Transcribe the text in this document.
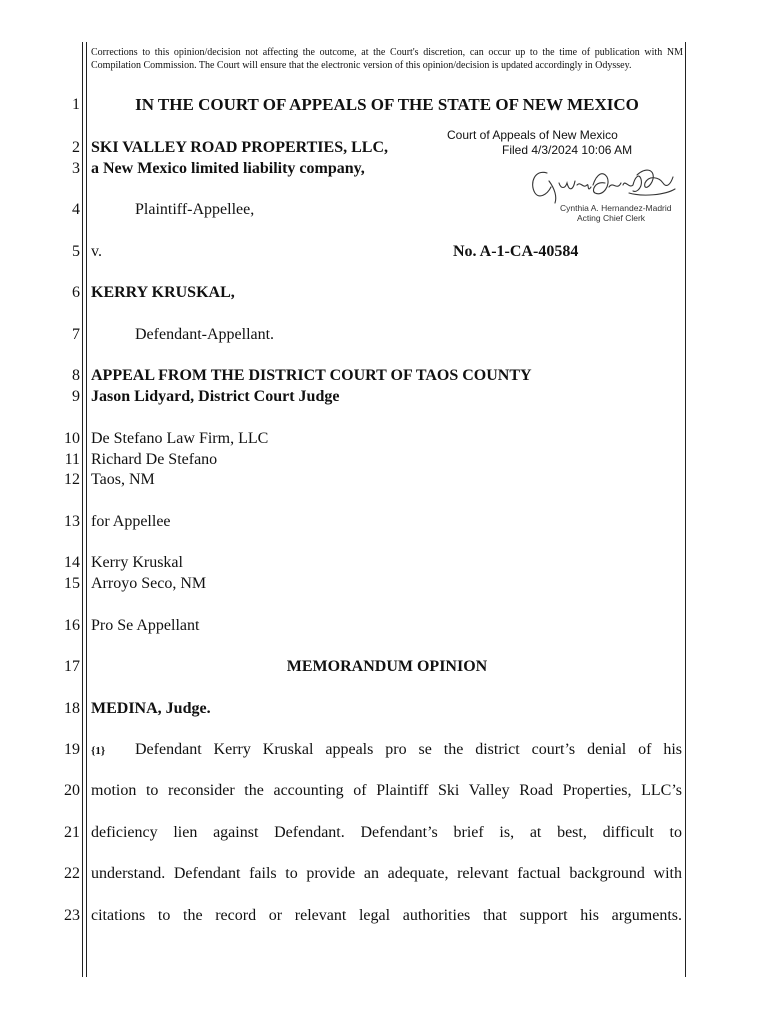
Corrections to this opinion/decision not affecting the outcome, at the Court's discretion, can occur up to the time of publication with NM Compilation Commission. The Court will ensure that the electronic version of this opinion/decision is updated accordingly in Odyssey.
1
2
3
4
5
6
7
8
9
10
11
12
13
14
15
16
17
18
19
20
21
22
23
IN THE COURT OF APPEALS OF THE STATE OF NEW MEXICO
Court of Appeals of New Mexico
Filed 4/3/2024 10:06 AM
Cynthia A. Hernandez-Madrid
Acting Chief Clerk
SKI VALLEY ROAD PROPERTIES, LLC,
a New Mexico limited liability company,
Plaintiff-Appellee,
v.	No. A-1-CA-40584
KERRY KRUSKAL,
Defendant-Appellant.
APPEAL FROM THE DISTRICT COURT OF TAOS COUNTY
Jason Lidyard, District Court Judge
De Stefano Law Firm, LLC
Richard De Stefano
Taos, NM
for Appellee
Kerry Kruskal
Arroyo Seco, NM
Pro Se Appellant
MEMORANDUM OPINION
MEDINA, Judge.
{1}	Defendant Kerry Kruskal appeals pro se the district court’s denial of his
motion to reconsider the accounting of Plaintiff Ski Valley Road Properties, LLC’s
deficiency lien against Defendant. Defendant’s brief is, at best, difficult to
understand. Defendant fails to provide an adequate, relevant factual background with
citations to the record or relevant legal authorities that support his arguments.
